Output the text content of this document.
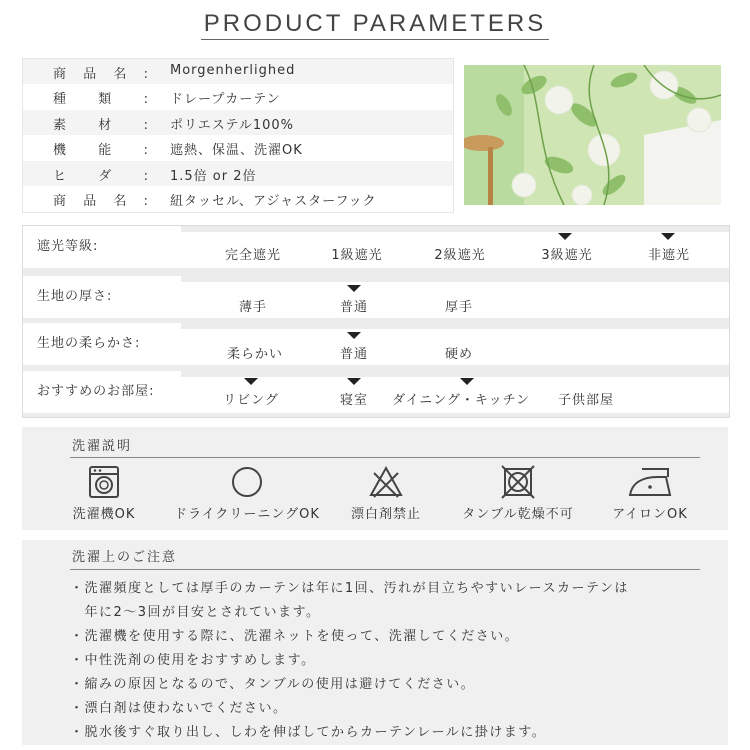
PRODUCT PARAMETERS
商品名: Morgenherlighed
種類: ドレープカーテン
素材: ポリエステル100%
機能: 遮熱、保温、洗濯OK
ヒダ: 1.5倍 or 2倍
商品名: 紐タッセル、アジャスターフック
遮光等級:
完全遮光	1級遮光	2級遮光	3級遮光	非遮光
生地の厚さ:
薄手	普通	厚手
生地の柔らかさ:
柔らかい	普通	硬め
おすすめのお部屋:
リビング	寝室 ダイニング・キッチン 子供部屋
洗濯説明
洗濯機OK	ドライクリーニングOK 漂白剤禁止	タンブル乾燥不可	アイロンOK
洗濯上のご注意
・洗濯頻度としては厚手のカーテンは年に1回、汚れが目立ちやすいレースカーテンは
　年に2～3回が目安とされています。
・洗濯機を使用する際に、洗濯ネットを使って、洗濯してください。
・中性洗剤の使用をおすすめします。
・縮みの原因となるので、タンブルの使用は避けてください。
・漂白剤は使わないでください。
・脱水後すぐ取り出し、しわを伸ばしてからカーテンレールに掛けます。
